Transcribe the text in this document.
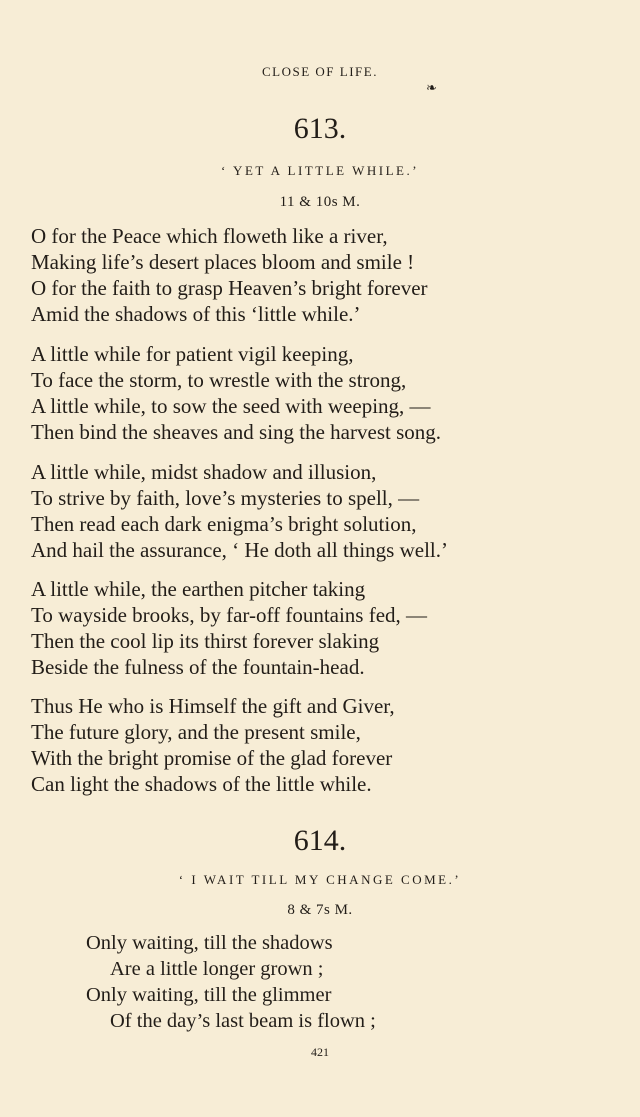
CLOSE OF LIFE.
❧
613.
‘ YET A LITTLE WHILE.’
11 & 10s M.
O for the Peace which floweth like a river,
Making life’s desert places bloom and smile !
O for the faith to grasp Heaven’s bright forever
Amid the shadows of this ‘little while.’
A little while for patient vigil keeping,
To face the storm, to wrestle with the strong,
A little while, to sow the seed with weeping, —
Then bind the sheaves and sing the harvest song.
A little while, midst shadow and illusion,
To strive by faith, love’s mysteries to spell, —
Then read each dark enigma’s bright solution,
And hail the assurance, ‘ He doth all things well.’
A little while, the earthen pitcher taking
To wayside brooks, by far-off fountains fed, —
Then the cool lip its thirst forever slaking
Beside the fulness of the fountain-head.
Thus He who is Himself the gift and Giver,
The future glory, and the present smile,
With the bright promise of the glad forever
Can light the shadows of the little while.
614.
‘ I WAIT TILL MY CHANGE COME.’
8 & 7s M.
Only waiting, till the shadows
Are a little longer grown ;
Only waiting, till the glimmer
Of the day’s last beam is flown ;
421
